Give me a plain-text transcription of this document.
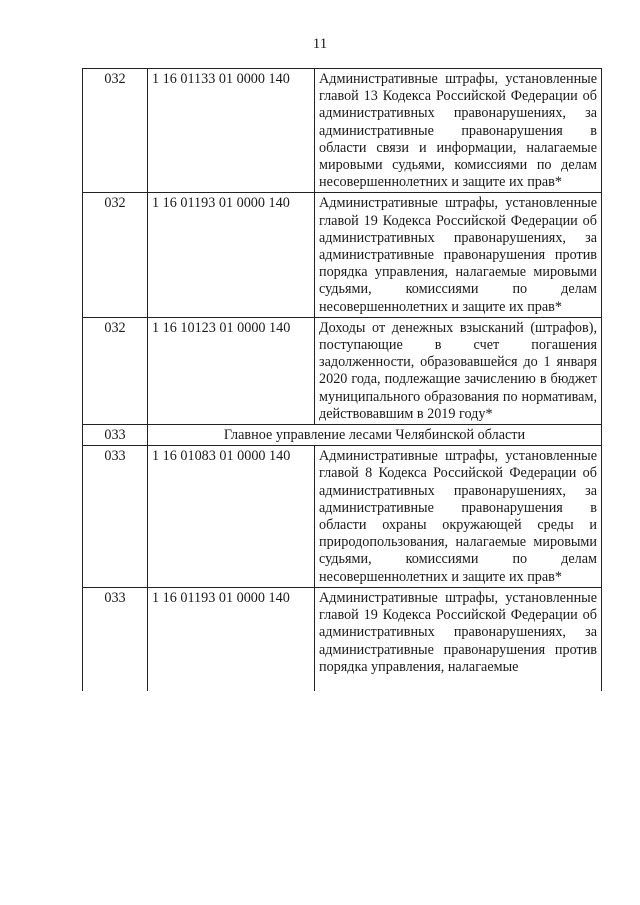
11
032	1 16 01133 01 0000 140	Административные штрафы, установленные главой 13 Кодекса Российской Федерации об административных правонарушениях, за административные правонарушения в области связи и информации, налагаемые мировыми судьями, комиссиями по делам несовершеннолетних и защите их прав*
032	1 16 01193 01 0000 140	Административные штрафы, установленные главой 19 Кодекса Российской Федерации об административных правонарушениях, за административные правонарушения против порядка управления, налагаемые мировыми судьями, комиссиями по делам несовершеннолетних и защите их прав*
032	1 16 10123 01 0000 140	Доходы от денежных взысканий (штрафов), поступающие в счет погашения задолженности, образовавшейся до 1 января 2020 года, подлежащие зачислению в бюджет муниципального образования по нормативам, действовавшим в 2019 году*
033	Главное управление лесами Челябинской области	
033	1 16 01083 01 0000 140	Административные штрафы, установленные главой 8 Кодекса Российской Федерации об административных правонарушениях, за административные правонарушения в области охраны окружающей среды и природопользования, налагаемые мировыми судьями, комиссиями по делам несовершеннолетних и защите их прав*
033	1 16 01193 01 0000 140	Административные штрафы, установленные главой 19 Кодекса Российской Федерации об административных правонарушениях, за административные правонарушения против порядка управления, налагаемые
